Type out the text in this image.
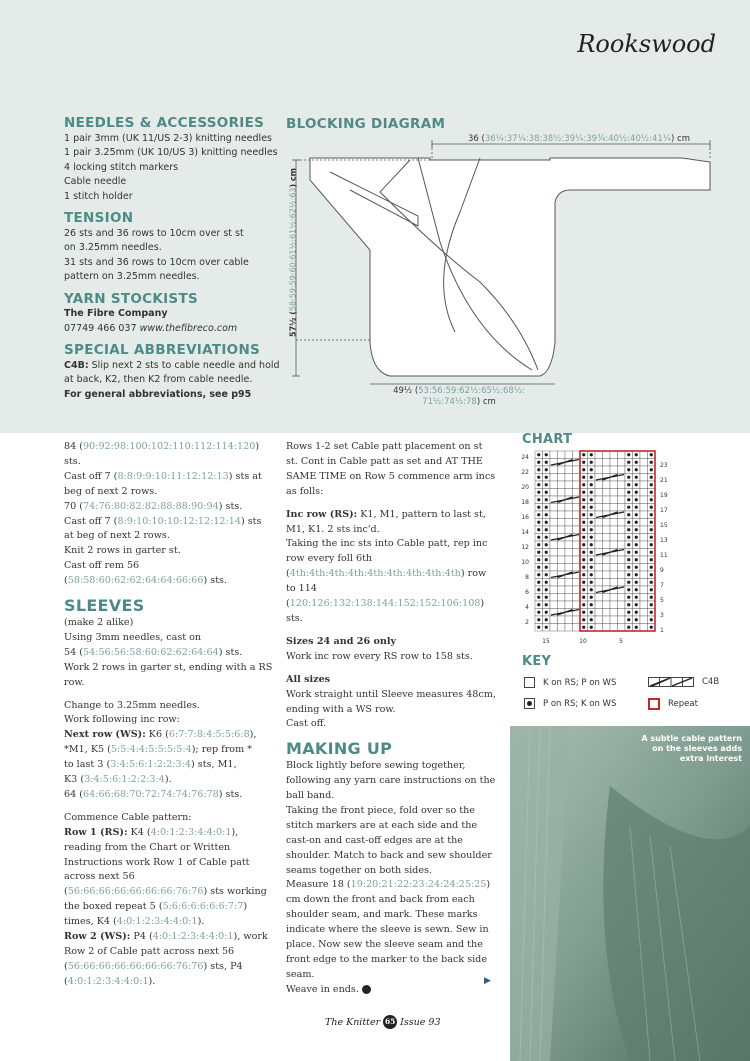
Rookswood
NEEDLES & ACCESSORIES

1 pair 3mm (UK 11/US 2-3) knitting needles

1 pair 3.25mm (UK 10/US 3) knitting needles

4 locking stitch markers

Cable needle

1 stitch holder

TENSION

26 sts and 36 rows to 10cm over st st

on 3.25mm needles.

31 sts and 36 rows to 10cm over cable

pattern on 3.25mm needles.

YARN STOCKISTS

The Fibre Company

07749 466 037 www.thefibreco.com

SPECIAL ABBREVIATIONS

C4B: Slip next 2 sts to cable needle and hold at back, K2, then K2 from cable needle.

For general abbreviations, see p95

BLOCKING DIAGRAM
36 (36¼:37¼:38:38½:39¼:39¾:40½:40½:41¼) cm
57½ (58:59:59:60:61½:61½:62½:63) cm
49½ (53:56:59:62½:65½:68½:
71½:74½:78) cm

84 (90:92:98:100:102:110:112:114:120) sts.

Cast off 7 (8:8:9:9:10:11:12:12:13) sts at beg of next 2 rows.

70 (74:76:80:82:82:88:88:90:94) sts.

Cast off 7 (8:9:10:10:10:12:12:12:14) sts at beg of next 2 rows.

Knit 2 rows in garter st.

Cast off rem 56 (58:58:60:62:62:64:64:66:66) sts.

SLEEVES

(make 2 alike)

Using 3mm needles, cast on

54 (54:56:56:58:60:62:62:64:64) sts.

Work 2 rows in garter st, ending with a RS row.

Change to 3.25mm needles.

Work following inc row:

Next row (WS): K6 (6:7:7:8:4:5:5:6:8),

*M1, K5 (5:5:4:4:5:5:5:5:4); rep from *

to last 3 (3:4:5:6:1:2:2:3:4) sts, M1,

K3 (3:4:5:6:1:2:2:3:4).

64 (64:66:68:70:72:74:74:76:78) sts.

Commence Cable pattern:

Row 1 (RS): K4 (4:0:1:2:3:4:4:0:1), reading from the Chart or Written Instructions work Row 1 of Cable patt across next 56 (56:66:66:66:66:66:66:76:76) sts working the boxed repeat 5 (5:6:6:6:6:6:6:7:7) times, K4 (4:0:1:2:3:4:4:0:1).

Row 2 (WS): P4 (4:0:1:2:3:4:4:0:1), work Row 2 of Cable patt across next 56 (56:66:66:66:66:66:66:76:76) sts, P4 (4:0:1:2:3:4:4:0:1).

Rows 1-2 set Cable patt placement on st st. Cont in Cable patt as set and AT THE SAME TIME on Row 5 commence arm incs as folls:

Inc row (RS): K1, M1, pattern to last st, M1, K1. 2 sts inc'd.

Taking the inc sts into Cable patt, rep inc row every foll 6th (4th:4th:4th:4th:4th:4th:4th:4th:4th) row to 114 (120:126:132:138:144:152:152:106:108) sts.

Sizes 24 and 26 only

Work inc row every RS row to 158 sts.

All sizes

Work straight until Sleeve measures 48cm, ending with a WS row.

Cast off.

MAKING UP

Block lightly before sewing together, following any yarn care instructions on the ball band.

Taking the front piece, fold over so the stitch markers are at each side and the cast-on and cast-off edges are at the shoulder. Match to back and sew shoulder seams together on both sides.

Measure 18 (19:20:21:22:23:24:24:25:25) cm down the front and back from each shoulder seam, and mark. These marks indicate where the sleeve is sewn. Sew in place. Now sew the sleeve seam and the front edge to the marker to the back side seam.

Weave in ends.

▶
CHART
24
22
20
18
16
14
12
10
8
6
4
2
23
21
19
17
15
13
11
9
7
5
3
1
15	10	5
KEY
K on RS; P on WS
P on RS; K on WS
C4B
Repeat
A subtle cable pattern on the sleeves adds extra interest
The Knitter 65 Issue 93
